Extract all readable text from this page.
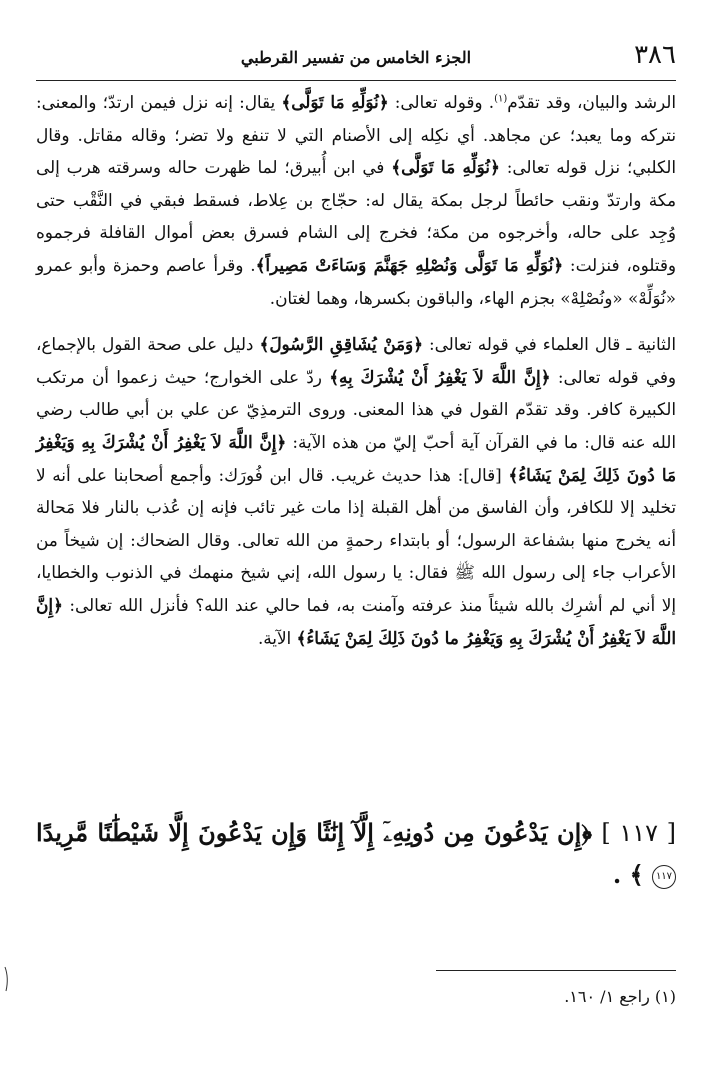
٣٨٦
الجزء الخامس من تفسير القرطبي

الرشد والبيان، وقد تقدّم$^{(١)}$. وقوله تعالى: ﴿نُوَلِّهِ مَا تَوَلَّى﴾ يقال: إنه نزل فيمن ارتدّ؛ والمعنى: نتركه وما يعبد؛ عن مجاهد. أي نكِله إلى الأصنام التي لا تنفع ولا تضر؛ وقاله مقاتل. وقال الكلبي؛ نزل قوله تعالى: ﴿نُوَلِّهِ مَا تَوَلَّى﴾ في ابن أُبيرق؛ لما ظهرت حاله وسرقته هرب إلى مكة وارتدّ ونقب حائطاً لرجل بمكة يقال له: حجّاج بن عِلاط، فسقط فبقي في النَّقْب حتى وُجِد على حاله، وأخرجوه من مكة؛ فخرج إلى الشام فسرق بعض أموال القافلة فرجموه وقتلوه، فنزلت: ﴿نُوَلِّهِ مَا تَوَلَّى وَنُصْلِهِ جَهَنَّمَ وَسَاءَتْ مَصِيراً﴾. وقرأ عاصم وحمزة وأبو عمرو «نُوَلِّهْ» «ونُصْلِهْ» بجزم الهاء، والباقون بكسرها، وهما لغتان.

الثانية ـ قال العلماء في قوله تعالى: ﴿وَمَنْ يُشَاقِقِ الرَّسُولَ﴾ دليل على صحة القول بالإجماع، وفي قوله تعالى: ﴿إِنَّ اللَّهَ لاَ يَغْفِرُ أَنْ يُشْرَكَ بِهِ﴾ ردّ على الخوارج؛ حيث زعموا أن مرتكب الكبيرة كافر. وقد تقدّم القول في هذا المعنى. وروى الترمذِيّ عن علي بن أبي طالب رضي الله عنه قال: ما في القرآن آية أحبّ إليّ من هذه الآية: ﴿إِنَّ اللَّهَ لاَ يَغْفِرُ أَنْ يُشْرَكَ بِهِ وَيَغْفِرُ مَا دُونَ ذَلِكَ لِمَنْ يَشَاءُ﴾ [قال]: هذا حديث غريب. قال ابن فُورَك: وأجمع أصحابنا على أنه لا تخليد إلا للكافر، وأن الفاسق من أهل القبلة إذا مات غير تائب فإنه إن عُذب بالنار فلا مَحالة أنه يخرج منها بشفاعة الرسول؛ أو بابتداء رحمةٍ من الله تعالى. وقال الضحاك: إن شيخاً من الأعراب جاء إلى رسول الله ﷺ فقال: يا رسول الله، إني شيخ منهمك في الذنوب والخطايا، إلا أني لم أشرِك بالله شيئاً منذ عرفته وآمنت به، فما حالي عند الله؟ فأنزل الله تعالى: ﴿إِنَّ اللَّهَ لاَ يَغْفِرُ أَنْ يُشْرَكَ بِهِ وَيَغْفِرُ ما دُونَ ذَلِكَ لِمَنْ يَشَاءُ﴾ الآية.

[ ١١٧ ] ﴿إِن يَدْعُونَ مِن دُونِهِۦٓ إِلَّآ إِنَٰثًا وَإِن يَدْعُونَ إِلَّا شَيْطَٰنًا مَّرِيدًا ١١٧ ﴾ .
(١) راجع ١/ ١٦٠.
